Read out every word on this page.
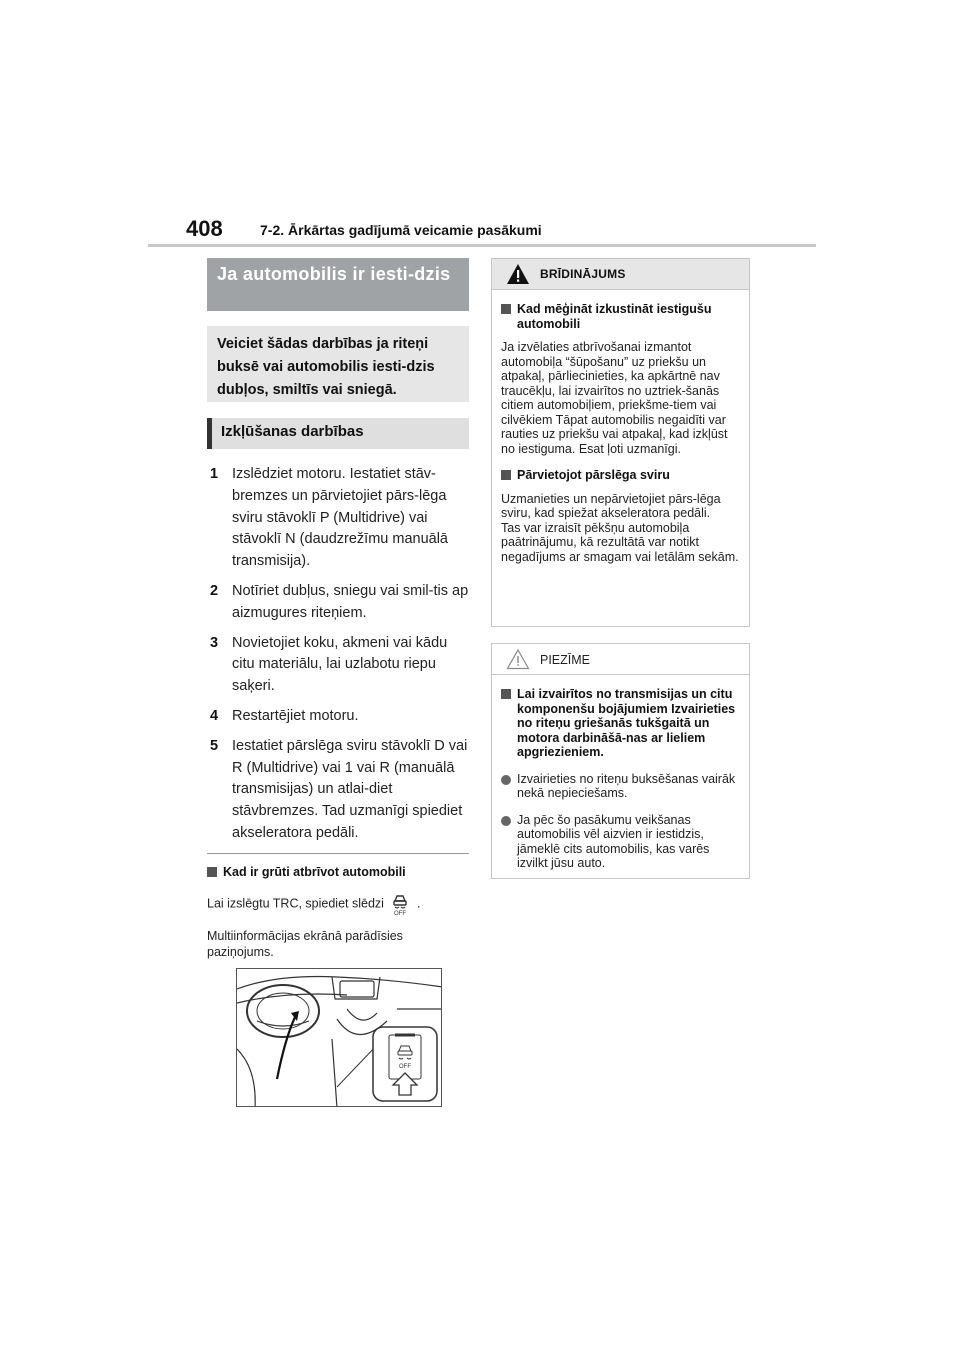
408	7-2. Ārkārtas gadījumā veicamie pasākumi
Ja automobilis ir iesti-dzis
Veiciet šādas darbības ja riteņi buksē vai automobilis iesti-dzis dubļos, smiltīs vai sniegā.
Izkļūšanas darbības
1 Izslēdziet motoru. Iestatiet stāv-bremzes un pārvietojiet pārs-lēga sviru stāvoklī P (Multidrive) vai stāvoklī N (daudzrežīmu manuālā transmisija).
2 Notīriet dubļus, sniegu vai smil-tis ap aizmugures riteņiem.
3 Novietojiet koku, akmeni vai kādu citu materiālu, lai uzlabotu riepu saķeri.
4 Restartējiet motoru.
5 Iestatiet pārslēga sviru stāvoklī D vai R (Multidrive) vai 1 vai R (manuālā transmisijas) un atlai-diet stāvbremzes. Tad uzmanīgi spiediet akseleratora pedāli.
Kad ir grūti atbrīvot automobili
Lai izslēgtu TRC, spiediet slēdzi
OFF
.
Multiinformācijas ekrānā parādīsies paziņojums.
OFF
BRĪDINĀJUMS
Kad mēģināt izkustināt iestigušu automobili
Ja izvēlaties atbrīvošanai izmantot automobiļa “šūpošanu” uz priekšu un atpakaļ, pārliecinieties, ka apkārtnē nav traucēkļu, lai izvairītos no uztriek-šanās citiem automobiļiem, priekšme-tiem vai cilvēkiem Tāpat automobilis negaidīti var rauties uz priekšu vai atpakaļ, kad izkļūst no iestiguma. Esat ļoti uzmanīgi.
Pārvietojot pārslēga sviru
Uzmanieties un nepārvietojiet pārs-lēga sviru, kad spiežat akseleratora pedāli.
Tas var izraisīt pēkšņu automobiļa paātrinājumu, kā rezultātā var notikt negadījums ar smagam vai letālām sekām.
PIEZĪME
Lai izvairītos no transmisijas un citu komponenšu bojājumiem Izvairieties no riteņu griešanās tukšgaitā un motora darbināšā-nas ar lieliem apgriezieniem.
Izvairieties no riteņu buksēšanas vairāk nekā nepieciešams.
Ja pēc šo pasākumu veikšanas automobilis vēl aizvien ir iestidzis, jāmeklē cits automobilis, kas varēs izvilkt jūsu auto.
